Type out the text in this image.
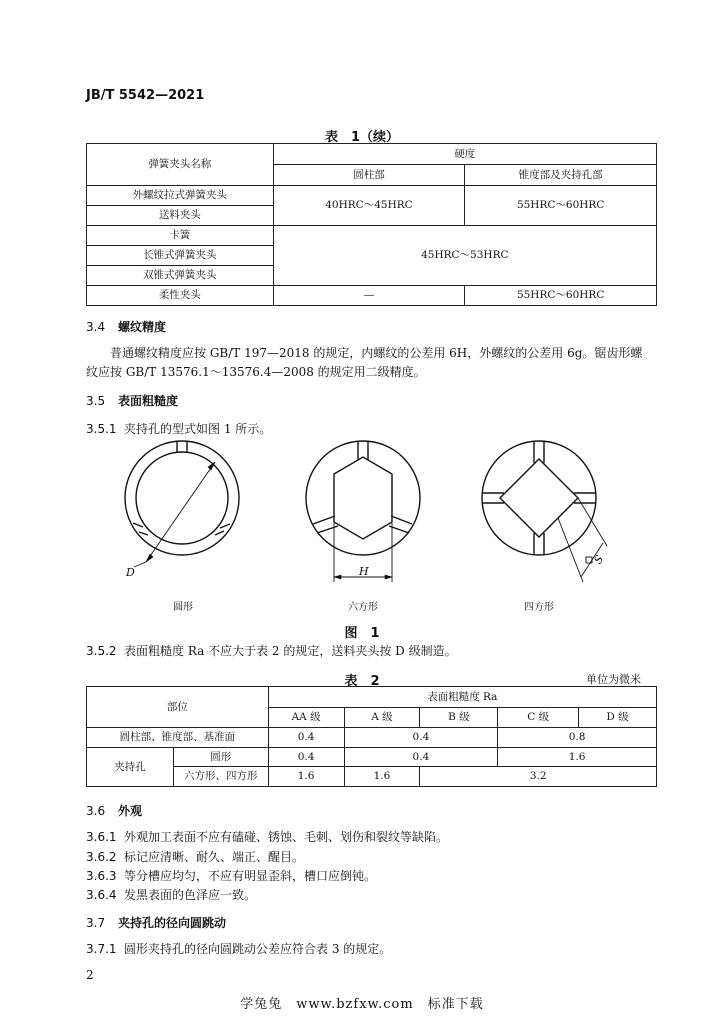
JB/T 5542—2021
表　1（续）
弹簧夹头名称	硬度	
	圆柱部	锥度部及夹持孔部
外螺纹拉式弹簧夹头	40HRC～45HRC	55HRC～60HRC
送料夹头		
卡簧	45HRC～53HRC	
长锥式弹簧夹头		
双锥式弹簧夹头		
柔性夹头	—	55HRC～60HRC
3.4 螺纹精度
普通螺纹精度应按 GB/T 197—2018 的规定，内螺纹的公差用 6H，外螺纹的公差用 6g。锯齿形螺
纹应按 GB/T 13576.1～13576.4—2008 的规定用二级精度。
3.5 表面粗糙度
3.5.1 夹持孔的型式如图 1 所示。
D	H
S
圆形	六方形	四方形
图　1
3.5.2 表面粗糙度 Ra 不应大于表 2 的规定，送料夹头按 D 级制造。
表　2	单位为微米
部位		表面粗糙度 Ra				
		AA 级	A 级	B 级	C 级	D 级
圆柱部、锥度部、基准面		0.4	0.4		0.8	
夹持孔	圆形	0.4	0.4		1.6	
	六方形、四方形	1.6	1.6	3.2		
3.6 外观
3.6.1 外观加工表面不应有磕碰、锈蚀、毛刺、划伤和裂纹等缺陷。
3.6.2 标记应清晰、耐久、端正、醒目。
3.6.3 等分槽应均匀，不应有明显歪斜，槽口应倒钝。
3.6.4 发黑表面的色泽应一致。
3.7 夹持孔的径向圆跳动
3.7.1 圆形夹持孔的径向圆跳动公差应符合表 3 的规定。
2
学兔兔　www.bzfxw.com　标准下载
